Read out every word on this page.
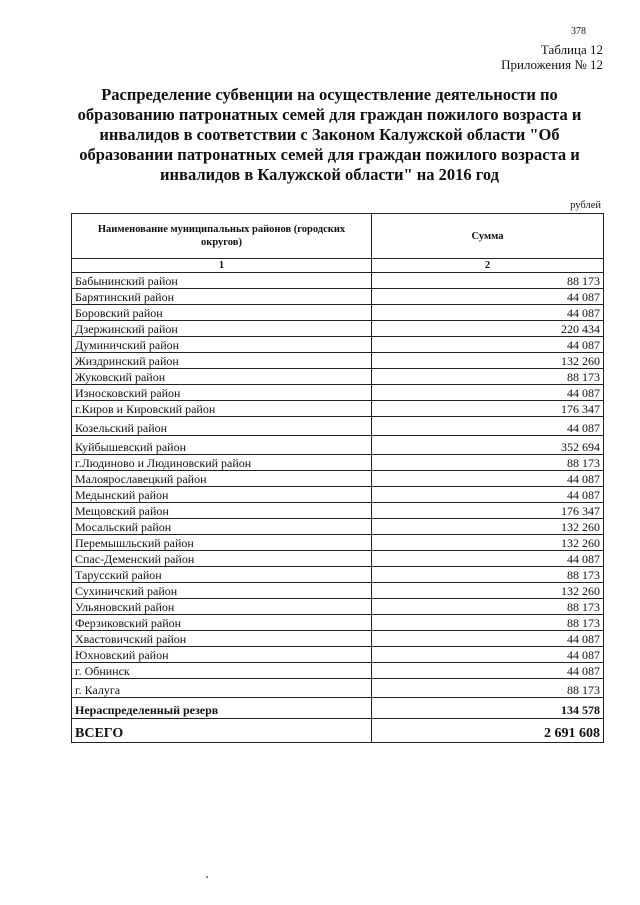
378
Таблица 12
Приложения № 12
Распределение субвенции на осуществление деятельности по образованию патронатных семей для граждан пожилого возраста и инвалидов в соответствии с Законом Калужской области "Об образовании патронатных семей для граждан пожилого возраста и инвалидов в Калужской области" на 2016 год
рублей
Наименование муниципальных районов (городских округов)	Сумма
1	2
Бабынинский район	88 173
Барятинский район	44 087
Боровский район	44 087
Дзержинский район	220 434
Думиничский район	44 087
Жиздринский район	132 260
Жуковский район	88 173
Износковский район	44 087
г.Киров и Кировский район	176 347
Козельский район	44 087
Куйбышевский район	352 694
г.Людиново и Людиновский район	88 173
Малоярославецкий район	44 087
Медынский район	44 087
Мещовский район	176 347
Мосальский район	132 260
Перемышльский район	132 260
Спас-Деменский район	44 087
Тарусский район	88 173
Сухиничский район	132 260
Ульяновский район	88 173
Ферзиковский район	88 173
Хвастовичский район	44 087
Юхновский район	44 087
г. Обнинск	44 087
г. Калуга	88 173
Нераспределенный резерв	134 578
ВСЕГО	2 691 608
